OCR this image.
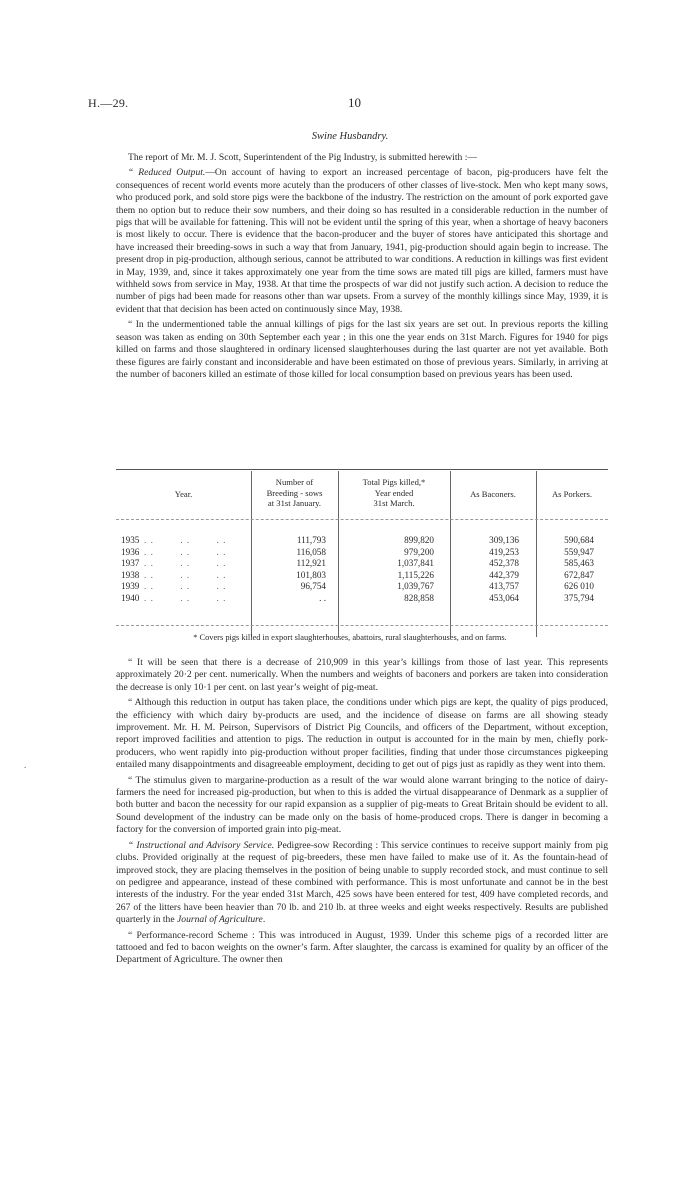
H.—29.	10
Swine Husbandry.

The report of Mr. M. J. Scott, Superintendent of the Pig Industry, is submitted herewith :—

“ Reduced Output.—On account of having to export an increased percentage of bacon, pig-producers have felt the consequences of recent world events more acutely than the producers of other classes of live-stock. Men who kept many sows, who produced pork, and sold store pigs were the backbone of the industry. The restriction on the amount of pork exported gave them no option but to reduce their sow numbers, and their doing so has resulted in a considerable reduction in the number of pigs that will be available for fattening. This will not be evident until the spring of this year, when a shortage of heavy baconers is most likely to occur. There is evidence that the bacon-producer and the buyer of stores have anticipated this shortage and have increased their breeding-sows in such a way that from January, 1941, pig-production should again begin to increase. The present drop in pig-production, although serious, cannot be attributed to war conditions. A reduction in killings was first evident in May, 1939, and, since it takes approximately one year from the time sows are mated till pigs are killed, farmers must have withheld sows from service in May, 1938. At that time the prospects of war did not justify such action. A decision to reduce the number of pigs had been made for reasons other than war upsets. From a survey of the monthly killings since May, 1939, it is evident that that decision has been acted on continuously since May, 1938.

“ In the undermentioned table the annual killings of pigs for the last six years are set out. In previous reports the killing season was taken as ending on 30th September each year ; in this one the year ends on 31st March. Figures for 1940 for pigs killed on farms and those slaughtered in ordinary licensed slaughterhouses during the last quarter are not yet available. Both these figures are fairly constant and inconsiderable and have been estimated on those of previous years. Similarly, in arriving at the number of baconers killed an estimate of those killed for local consumption based on previous years has been used.

Year.
Number of
Breeding - sows
at 31st January.
Total Pigs killed,*
Year ended
31st March.
As Baconers.	As Porkers.
1935 . .        . .        . .	111,793	899,820	309,136	590,684
1936 . .        . .        . .	116,058	979,200	419,253	559,947
1937 . .        . .        . .	112,921	1,037,841	452,378	585,463
1938 . .        . .        . .	101,803	1,115,226	442,379	672,847
1939 . .        . .        . .	96,754	1,039,767	413,757	626 010
1940 . .        . .        . .	. .	828,858	453,064	375,794
* Covers pigs killed in export slaughterhouses, abattoirs, rural slaughterhouses, and on farms.

“ It will be seen that there is a decrease of 210,909 in this year’s killings from those of last year. This represents approximately 20·2 per cent. numerically. When the numbers and weights of baconers and porkers are taken into consideration the decrease is only 10·1 per cent. on last year’s weight of pig-meat.

“ Although this reduction in output has taken place, the conditions under which pigs are kept, the quality of pigs produced, the efficiency with which dairy by-products are used, and the incidence of disease on farms are all showing steady improvement. Mr. H. M. Peirson, Supervisors of District Pig Councils, and officers of the Department, without exception, report improved facilities and attention to pigs. The reduction in output is accounted for in the main by men, chiefly pork-producers, who went rapidly into pig-production without proper facilities, finding that under those circumstances pigkeeping entailed many disappointments and disagreeable employment, deciding to get out of pigs just as rapidly as they went into them.

“ The stimulus given to margarine-production as a result of the war would alone warrant bringing to the notice of dairy-farmers the need for increased pig-production, but when to this is added the virtual disappearance of Denmark as a supplier of both butter and bacon the necessity for our rapid expansion as a supplier of pig-meats to Great Britain should be evident to all. Sound development of the industry can be made only on the basis of home-produced crops. There is danger in becoming a factory for the conversion of imported grain into pig-meat.

“ Instructional and Advisory Service. Pedigree-sow Recording : This service continues to receive support mainly from pig clubs. Provided originally at the request of pig-breeders, these men have failed to make use of it. As the fountain-head of improved stock, they are placing themselves in the position of being unable to supply recorded stock, and must continue to sell on pedigree and appearance, instead of these combined with performance. This is most unfortunate and cannot be in the best interests of the industry. For the year ended 31st March, 425 sows have been entered for test, 409 have completed records, and 267 of the litters have been heavier than 70 lb. and 210 lb. at three weeks and eight weeks respectively. Results are published quarterly in the Journal of Agriculture.

“ Performance-record Scheme : This was introduced in August, 1939. Under this scheme pigs of a recorded litter are tattooed and fed to bacon weights on the owner’s farm. After slaughter, the carcass is examined for quality by an officer of the Department of Agriculture. The owner then

.
